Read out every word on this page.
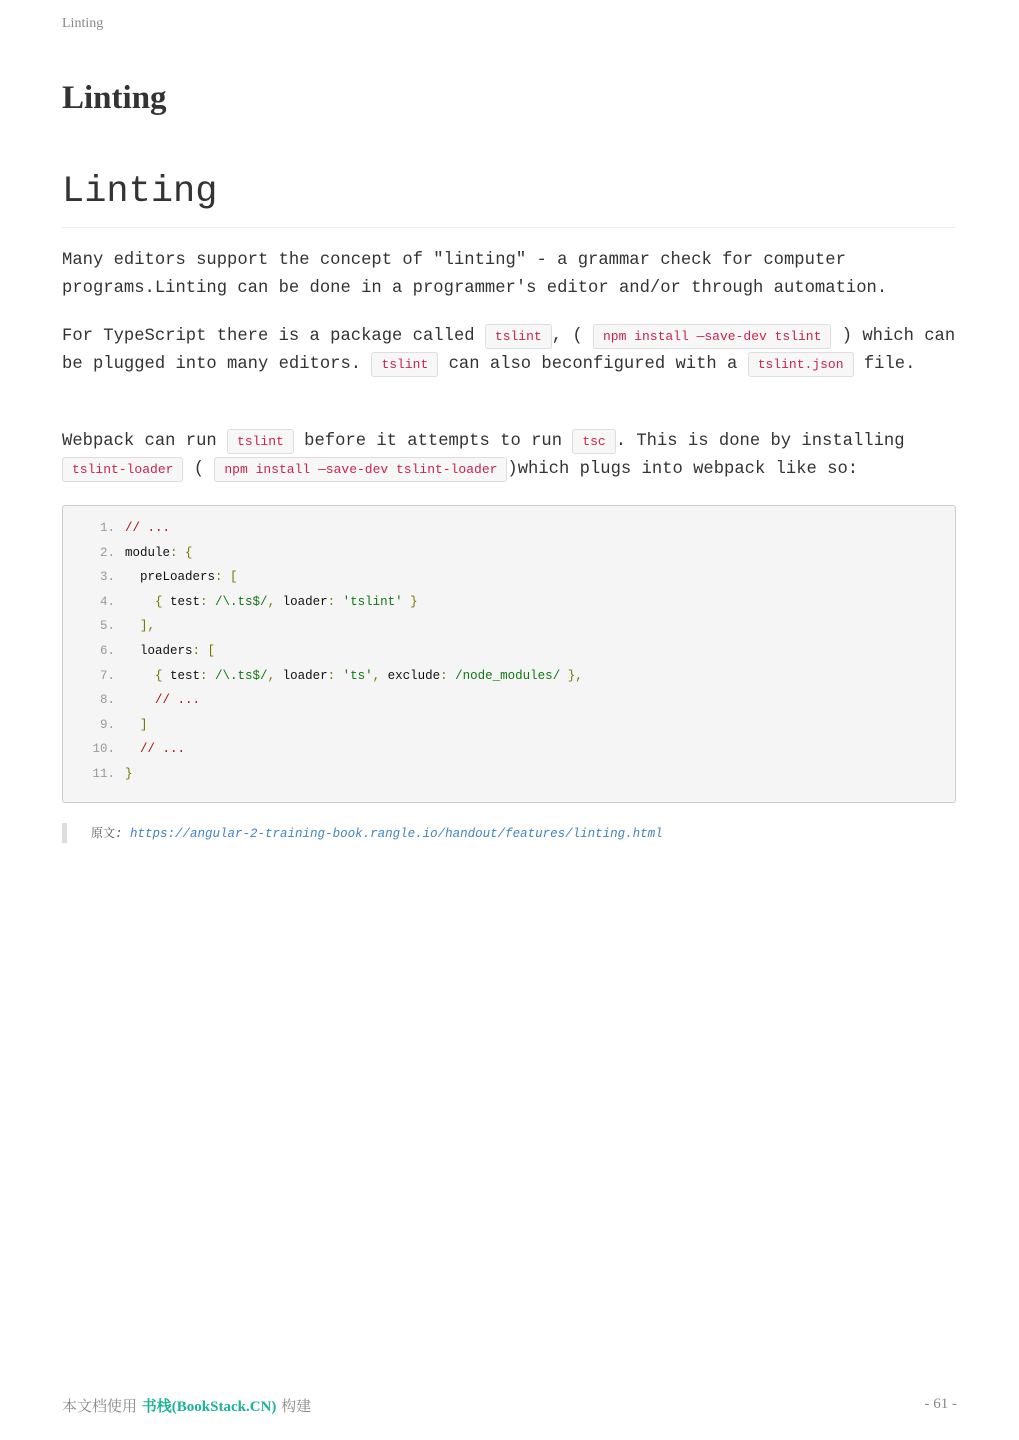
Linting
Linting
Linting

Many editors support the concept of "linting" - a grammar check for computer programs.Linting can be done in a programmer's editor and/or through automation.

For TypeScript there is a package called tslint , ( npm install —save-dev tslint ) which can be plugged into many editors. tslint can also beconfigured with a tslint.json file.

Webpack can run tslint before it attempts to run tsc . This is done by installing tslint-loader ( npm install —save-dev tslint-loader )which plugs into webpack like so:

1. // ...
2. module: {
3.  preLoaders: [
4.    { test: /\.ts$/, loader: 'tslint' }
5.  ],
6.  loaders: [
7.    { test: /\.ts$/, loader: 'ts', exclude: /node_modules/ },
8.    // ...
9.  ]
10.  // ...
11. }
原文: https://angular-2-training-book.rangle.io/handout/features/linting.html
本文档使用 书栈(BookStack.CN) 构建	- 61 -
